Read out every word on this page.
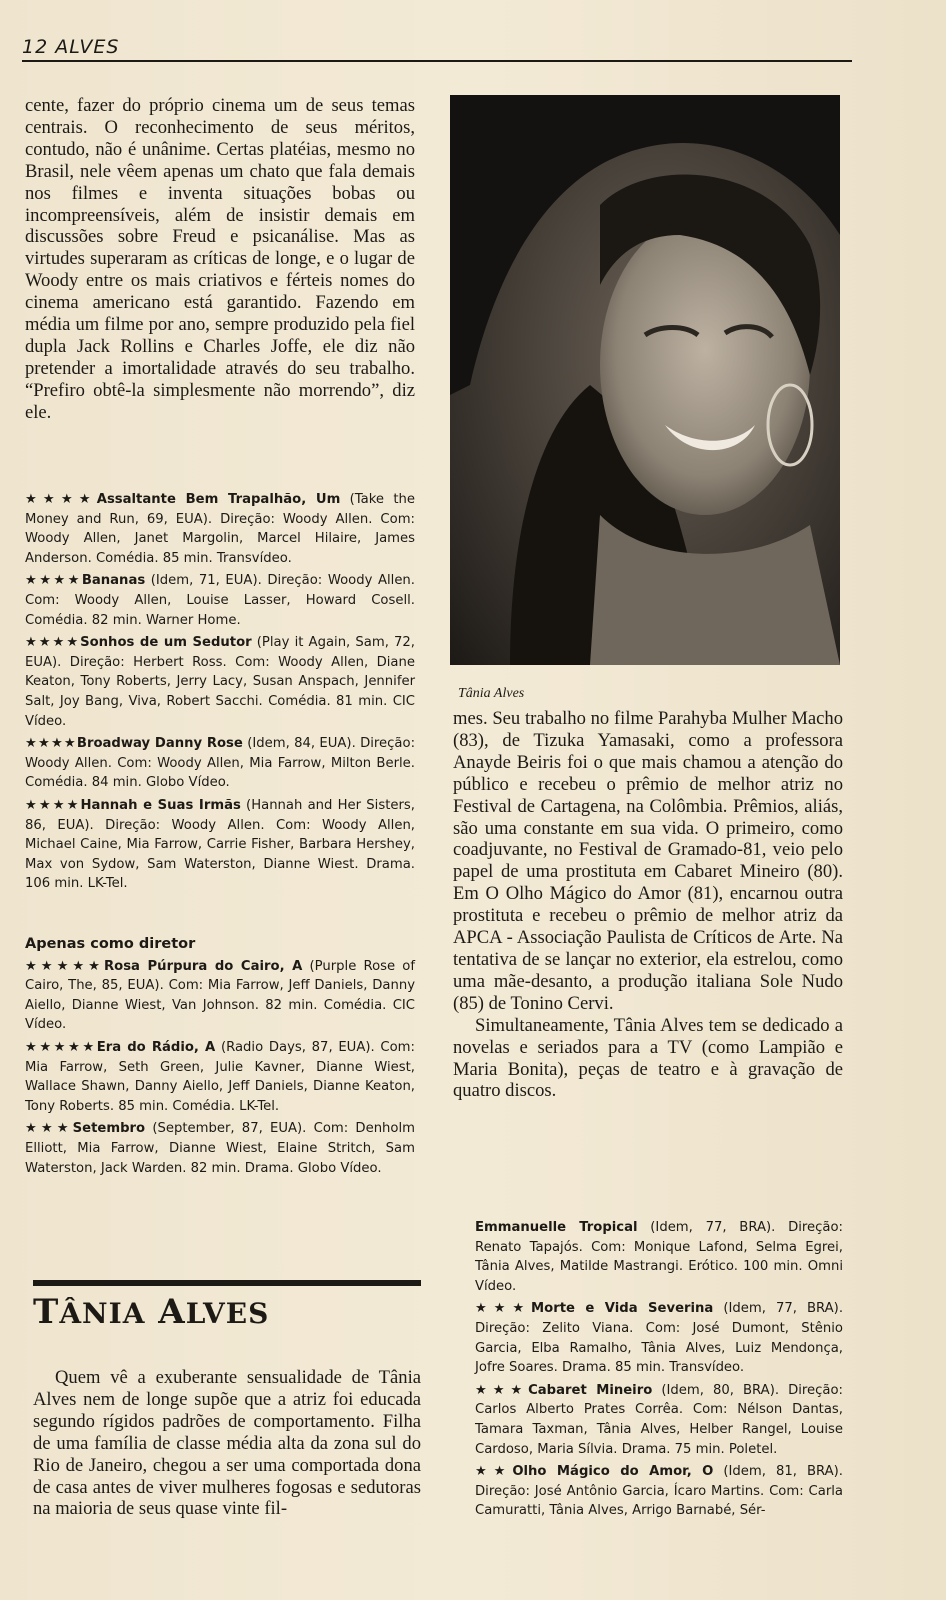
12 ALVES

cente, fazer do próprio cinema um de seus temas centrais. O reconhecimento de seus méritos, contudo, não é unânime. Certas platéias, mesmo no Brasil, nele vêem apenas um chato que fala demais nos filmes e inventa situações bobas ou incompreensíveis, além de insistir demais em discussões sobre Freud e psicanálise. Mas as virtudes superaram as críticas de longe, e o lugar de Woody entre os mais criativos e férteis nomes do cinema americano está garantido. Fazendo em média um filme por ano, sempre produzido pela fiel dupla Jack Rollins e Charles Joffe, ele diz não pretender a imortalidade através do seu trabalho. “Prefiro obtê-la simplesmente não morrendo”, diz ele.

★★★★Assaltante Bem Trapalhão, Um (Take the Money and Run, 69, EUA). Direção: Woody Allen. Com: Woody Allen, Janet Margolin, Marcel Hilaire, James Anderson. Comédia. 85 min. Transvídeo.

★★★★Bananas (Idem, 71, EUA). Direção: Woody Allen. Com: Woody Allen, Louise Lasser, Howard Cosell. Comédia. 82 min. Warner Home.

★★★★Sonhos de um Sedutor (Play it Again, Sam, 72, EUA). Direção: Herbert Ross. Com: Woody Allen, Diane Keaton, Tony Roberts, Jerry Lacy, Susan Anspach, Jennifer Salt, Joy Bang, Viva, Robert Sacchi. Comédia. 81 min. CIC Vídeo.

★★★★Broadway Danny Rose (Idem, 84, EUA). Direção: Woody Allen. Com: Woody Allen, Mia Farrow, Milton Berle. Comédia. 84 min. Globo Vídeo.

★★★★Hannah e Suas Irmãs (Hannah and Her Sisters, 86, EUA). Direção: Woody Allen. Com: Woody Allen, Michael Caine, Mia Farrow, Carrie Fisher, Barbara Hershey, Max von Sydow, Sam Waterston, Dianne Wiest. Drama. 106 min. LK-Tel.

Apenas como diretor

★★★★★Rosa Púrpura do Cairo, A (Purple Rose of Cairo, The, 85, EUA). Com: Mia Farrow, Jeff Daniels, Danny Aiello, Dianne Wiest, Van Johnson. 82 min. Comédia. CIC Vídeo.

★★★★★Era do Rádio, A (Radio Days, 87, EUA). Com: Mia Farrow, Seth Green, Julie Kavner, Dianne Wiest, Wallace Shawn, Danny Aiello, Jeff Daniels, Dianne Keaton, Tony Roberts. 85 min. Comédia. LK-Tel.

★★★Setembro (September, 87, EUA). Com: Denholm Elliott, Mia Farrow, Dianne Wiest, Elaine Stritch, Sam Waterston, Jack Warden. 82 min. Drama. Globo Vídeo.

TÂNIA ALVES

Quem vê a exuberante sensualidade de Tânia Alves nem de longe supõe que a atriz foi educada segundo rígidos padrões de comportamento. Filha de uma família de classe média alta da zona sul do Rio de Janeiro, chegou a ser uma comportada dona de casa antes de viver mulheres fogosas e sedutoras na maioria de seus quase vinte fil-

Tânia Alves

mes. Seu trabalho no filme Parahyba Mulher Macho (83), de Tizuka Yamasaki, como a professora Anayde Beiris foi o que mais chamou a atenção do público e recebeu o prêmio de melhor atriz no Festival de Cartagena, na Colômbia. Prêmios, aliás, são uma constante em sua vida. O primeiro, como coadjuvante, no Festival de Gramado-81, veio pelo papel de uma prostituta em Cabaret Mineiro (80). Em O Olho Mágico do Amor (81), encarnou outra prostituta e recebeu o prêmio de melhor atriz da APCA - Associação Paulista de Críticos de Arte. Na tentativa de se lançar no exterior, ela estrelou, como uma mãe-desanto, a produção italiana Sole Nudo (85) de Tonino Cervi.

Simultaneamente, Tânia Alves tem se dedicado a novelas e seriados para a TV (como Lampião e Maria Bonita), peças de teatro e à gravação de quatro discos.

Emmanuelle Tropical (Idem, 77, BRA). Direção: Renato Tapajós. Com: Monique Lafond, Selma Egrei, Tânia Alves, Matilde Mastrangi. Erótico. 100 min. Omni Vídeo.

★★★Morte e Vida Severina (Idem, 77, BRA). Direção: Zelito Viana. Com: José Dumont, Stênio Garcia, Elba Ramalho, Tânia Alves, Luiz Mendonça, Jofre Soares. Drama. 85 min. Transvídeo.

★★★Cabaret Mineiro (Idem, 80, BRA). Direção: Carlos Alberto Prates Corrêa. Com: Nélson Dantas, Tamara Taxman, Tânia Alves, Helber Rangel, Louise Cardoso, Maria Sílvia. Drama. 75 min. Poletel.

★★Olho Mágico do Amor, O (Idem, 81, BRA). Direção: José Antônio Garcia, Ícaro Martins. Com: Carla Camuratti, Tânia Alves, Arrigo Barnabé, Sér-
